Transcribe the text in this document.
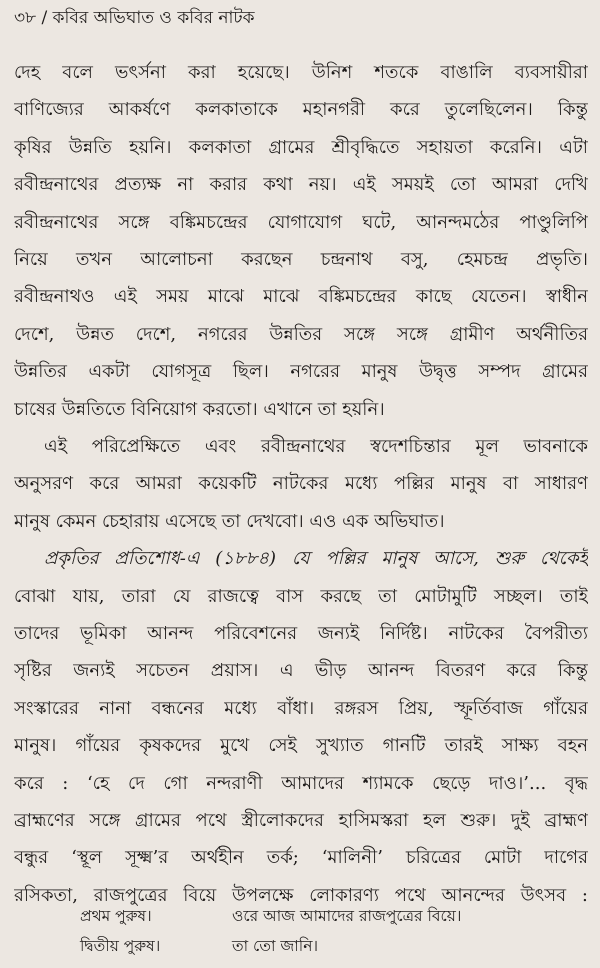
৩৮ / কবির অভিঘাত ও কবির নাটক
দেহ বলে ভৎর্সনা করা হয়েছে। উনিশ শতকে বাঙালি ব্যবসায়ীরা
বাণিজ্যের আকর্ষণে কলকাতাকে মহানগরী করে তুলেছিলেন। কিন্তু
কৃষির উন্নতি হয়নি। কলকাতা গ্রামের শ্রীবৃদ্ধিতে সহায়তা করেনি। এটা
রবীন্দ্রনাথের প্রত্যক্ষ না করার কথা নয়। এই সময়ই তো আমরা দেখি
রবীন্দ্রনাথের সঙ্গে বঙ্কিমচন্দ্রের যোগাযোগ ঘটে, আনন্দমঠের পাণ্ডুলিপি
নিয়ে তখন আলোচনা করছেন চন্দ্রনাথ বসু, হেমচন্দ্র প্রভৃতি।
রবীন্দ্রনাথও এই সময় মাঝে মাঝে বঙ্কিমচন্দ্রের কাছে যেতেন। স্বাধীন
দেশে, উন্নত দেশে, নগরের উন্নতির সঙ্গে সঙ্গে গ্রামীণ অর্থনীতির
উন্নতির একটা যোগসূত্র ছিল। নগরের মানুষ উদ্বৃত্ত সম্পদ গ্রামের
চাষের উন্নতিতে বিনিয়োগ করতো। এখানে তা হয়নি।
এই পরিপ্রেক্ষিতে এবং রবীন্দ্রনাথের স্বদেশচিন্তার মূল ভাবনাকে
অনুসরণ করে আমরা কয়েকটি নাটকের মধ্যে পল্লির মানুষ বা সাধারণ
মানুষ কেমন চেহারায় এসেছে তা দেখবো। এও এক অভিঘাত।
প্রকৃতির প্রতিশোধ-এ (১৮৮৪) যে পল্লির মানুষ আসে, শুরু থেকেই
বোঝা যায়, তারা যে রাজত্বে বাস করছে তা মোটামুটি সচ্ছল। তাই
তাদের ভূমিকা আনন্দ পরিবেশনের জন্যই নির্দিষ্ট। নাটকের বৈপরীত্য
সৃষ্টির জন্যই সচেতন প্রয়াস। এ ভীড় আনন্দ বিতরণ করে কিন্তু
সংস্কারের নানা বন্ধনের মধ্যে বাঁধা। রঙ্গরস প্রিয়, স্ফূর্তিবাজ গাঁয়ের
মানুষ। গাঁয়ের কৃষকদের মুখে সেই সুখ্যাত গানটি তারই সাক্ষ্য বহন
করে : ‘হে দে গো নন্দরাণী আমাদের শ্যামকে ছেড়ে দাও।’... বৃদ্ধ
ব্রাহ্মণের সঙ্গে গ্রামের পথে স্ত্রীলোকদের হাসিমস্করা হল শুরু। দুই ব্রাহ্মণ
বন্ধুর ‘স্থূল সূক্ষ্ম’র অর্থহীন তর্ক; ‘মালিনী’ চরিত্রের মোটা দাগের
রসিকতা, রাজপুত্রের বিয়ে উপলক্ষে লোকারণ্য পথে আনন্দের উৎসব :
প্রথম পুরুষ।	ওরে আজ আমাদের রাজপুত্রের বিয়ে।
দ্বিতীয় পুরুষ।	তা তো জানি।
